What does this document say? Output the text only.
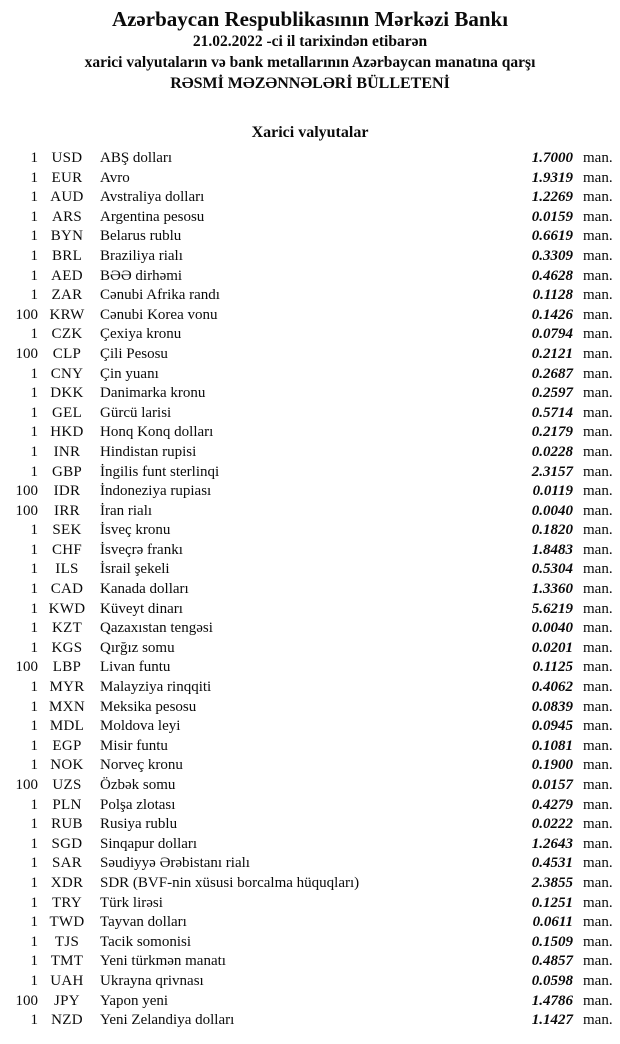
Azərbaycan Respublikasının Mərkəzi Bankı
21.02.2022 -ci il tarixindən etibarən
xarici valyutaların və bank metallarının Azərbaycan manatına qarşı
RƏSMİ MƏZƏNNƏLƏRİ BÜLLETENİ
Xarici valyutalar
1 USD	ABŞ dolları	1.7000 man.
1 EUR	Avro	1.9319 man.
1 AUD	Avstraliya dolları	1.2269 man.
1 ARS	Argentina pesosu	0.0159 man.
1 BYN	Belarus rublu	0.6619 man.
1 BRL	Braziliya rialı	0.3309 man.
1 AED	BƏƏ dirhəmi	0.4628 man.
1 ZAR	Cənubi Afrika randı	0.1128 man.
100 KRW	Cənubi Korea vonu	0.1426 man.
1 CZK	Çexiya kronu	0.0794 man.
100 CLP	Çili Pesosu	0.2121 man.
1 CNY	Çin yuanı	0.2687 man.
1 DKK	Danimarka kronu	0.2597 man.
1 GEL	Gürcü larisi	0.5714 man.
1 HKD	Honq Konq dolları	0.2179 man.
1	INR	Hindistan rupisi	0.0228 man.
1 GBP	İngilis funt sterlinqi	2.3157 man.
100	IDR	İndoneziya rupiası	0.0119 man.
100	IRR	İran rialı	0.0040 man.
1 SEK	İsveç kronu	0.1820 man.
1 CHF	İsveçrə frankı	1.8483 man.
1	ILS	İsrail şekeli	0.5304 man.
1 CAD	Kanada dolları	1.3360 man.
1 KWD Küveyt dinarı	5.6219 man.
1 KZT	Qazaxıstan tengəsi	0.0040 man.
1 KGS	Qırğız somu	0.0201 man.
100 LBP	Livan funtu	0.1125 man.
1 MYR	Malayziya rinqqiti	0.4062 man.
1 MXN	Meksika pesosu	0.0839 man.
1 MDL	Moldova leyi	0.0945 man.
1 EGP	Misir funtu	0.1081 man.
1 NOK	Norveç kronu	0.1900 man.
100 UZS	Özbək somu	0.0157 man.
1 PLN	Polşa zlotası	0.4279 man.
1 RUB	Rusiya rublu	0.0222 man.
1 SGD	Sinqapur dolları	1.2643 man.
1 SAR	Səudiyyə Ərəbistanı rialı	0.4531 man.
1 XDR	SDR (BVF-nin xüsusi borcalma hüquqları)	2.3855 man.
1 TRY	Türk lirəsi	0.1251 man.
1 TWD	Tayvan dolları	0.0611 man.
1	TJS	Tacik somonisi	0.1509 man.
1 TMT	Yeni türkmən manatı	0.4857 man.
1 UAH	Ukrayna qrivnası	0.0598 man.
100	JPY	Yapon yeni	1.4786 man.
1 NZD	Yeni Zelandiya dolları	1.1427 man.
